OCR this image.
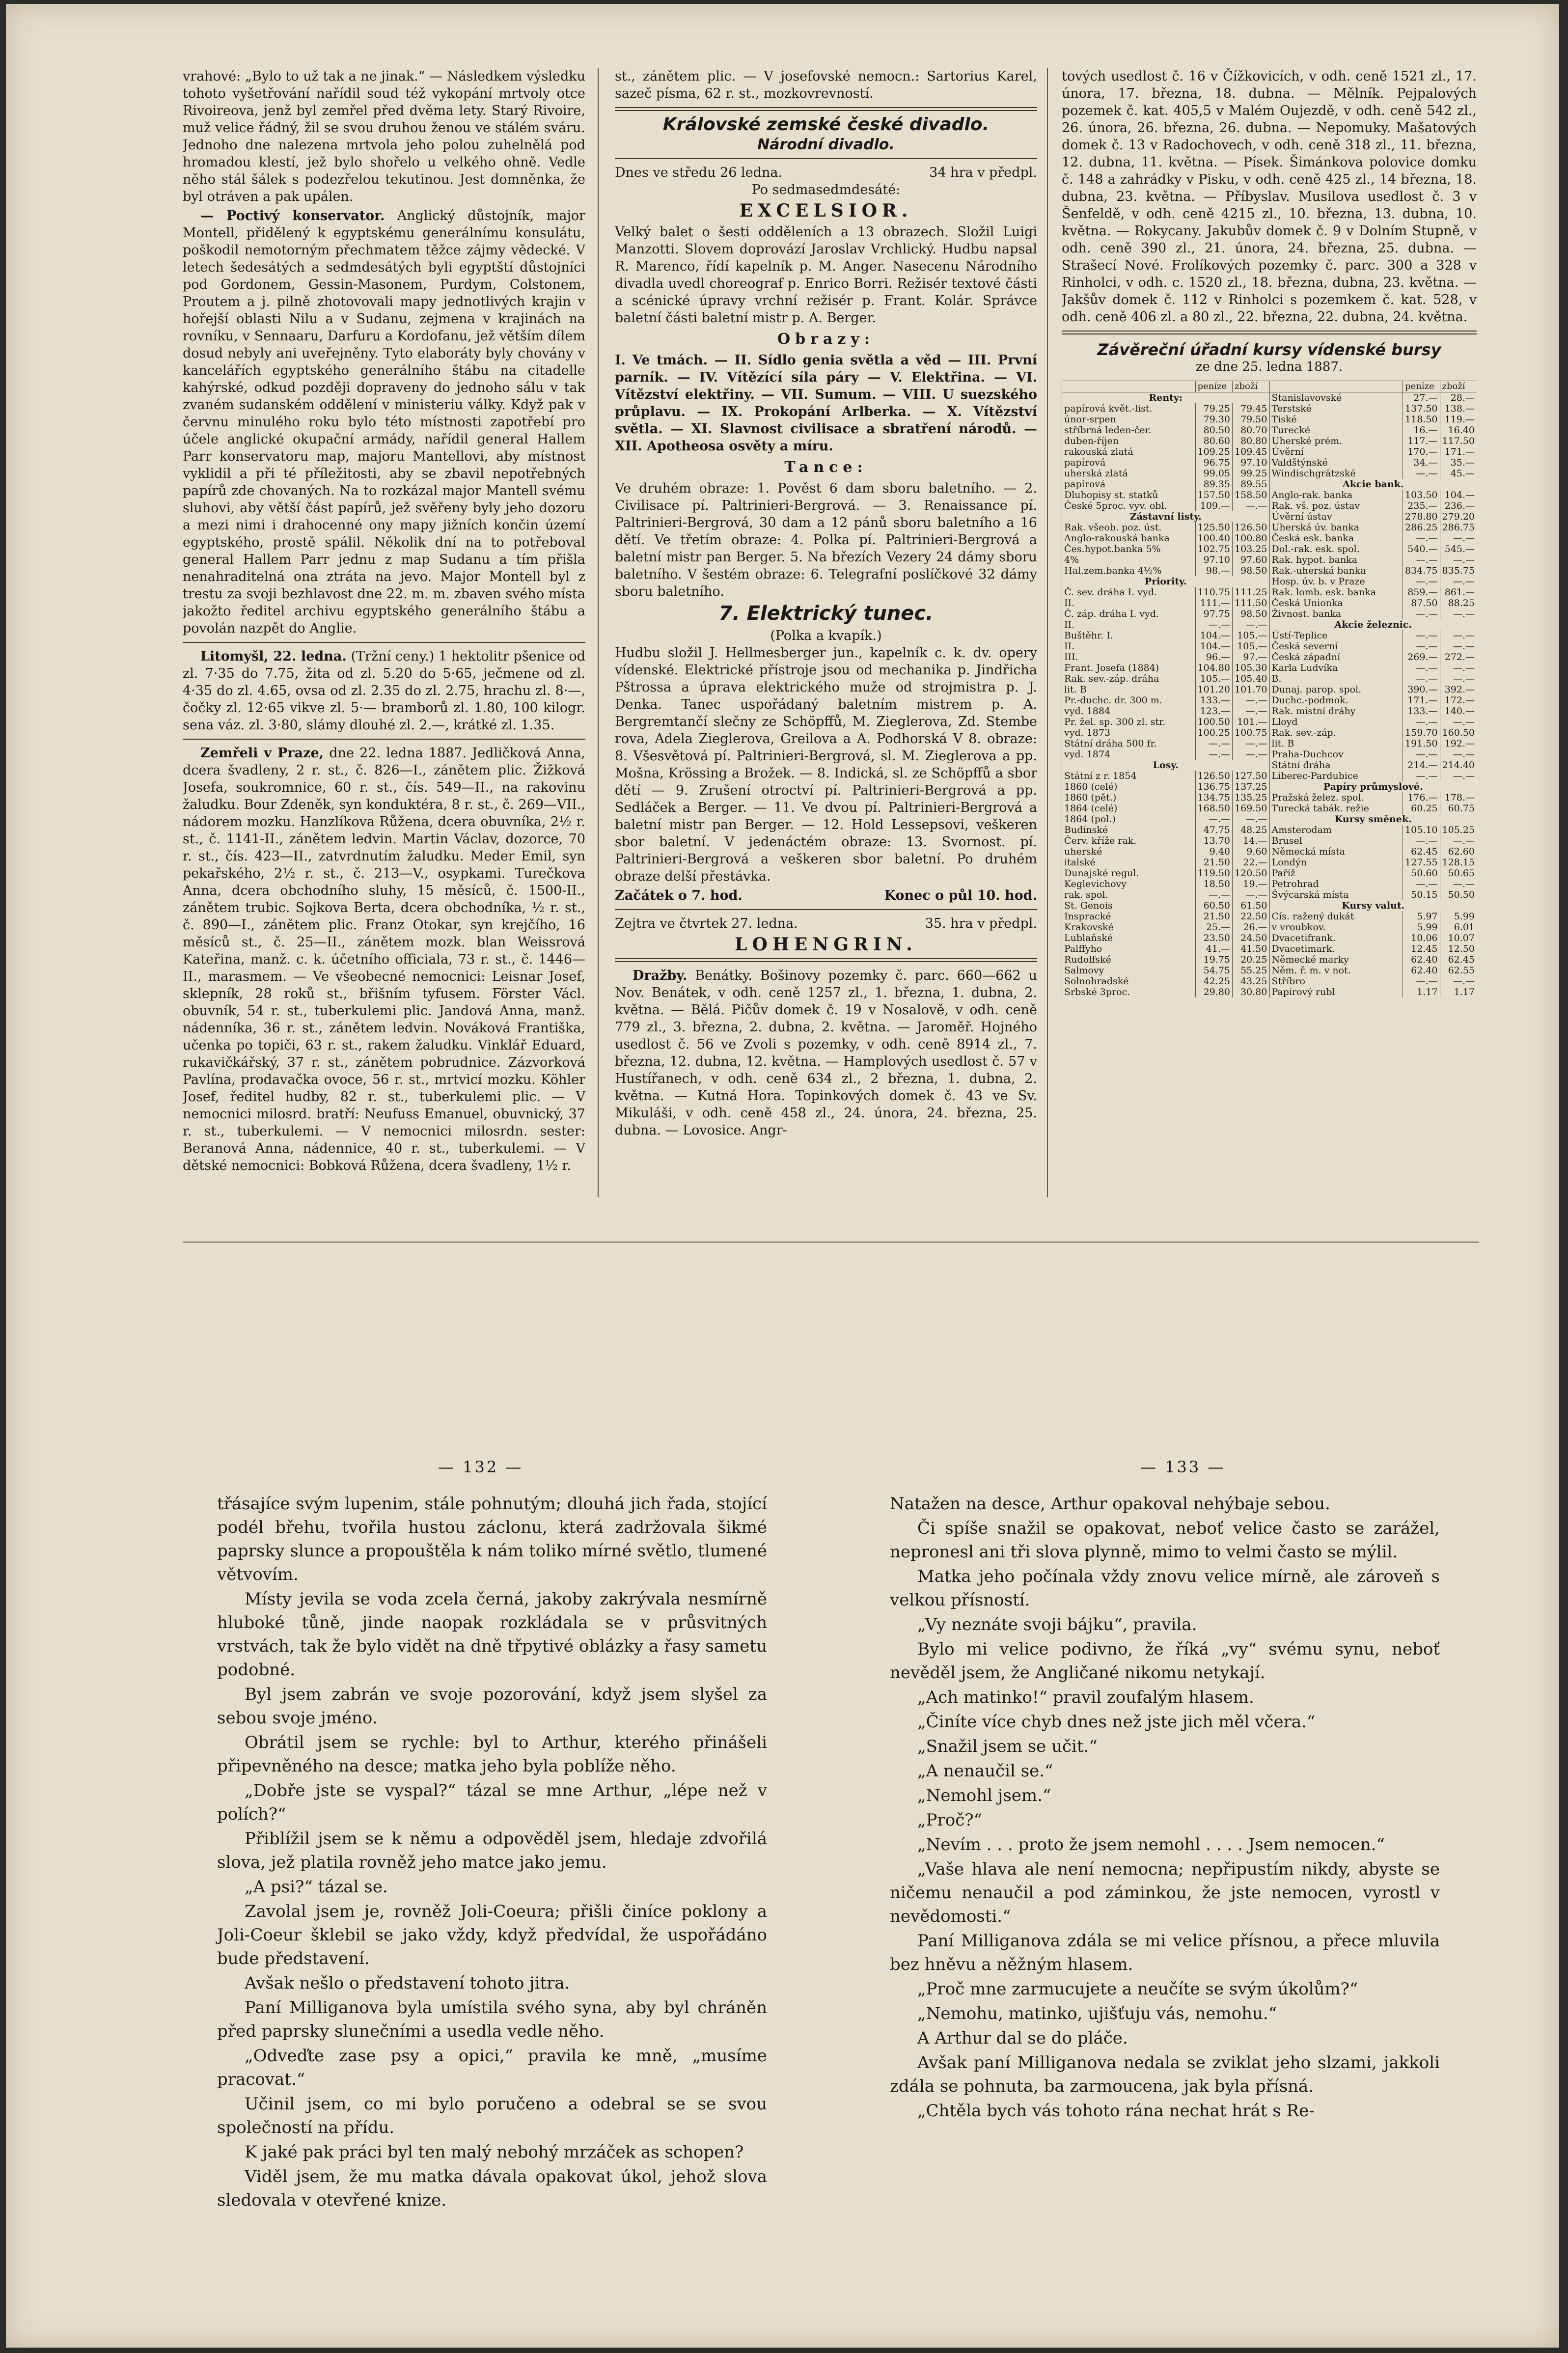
vrahové: „Bylo to už tak a ne jinak.“ — Následkem výsledku tohoto vyšetřování nařídil soud též vykopání mrtvoly otce Rivoireova, jenž byl zemřel před dvěma lety. Starý Rivoire, muž velice řádný, žil se svou druhou ženou ve stálém sváru. Jednoho dne nalezena mrtvola jeho polou zuhelnělá pod hromadou klestí, jež bylo shořelo u velkého ohně. Vedle něho stál šálek s podezřelou tekutinou. Jest domněnka, že byl otráven a pak upálen.

— Poctivý konservator. Anglický důstojník, major Montell, přidělený k egyptskému generálnímu konsulátu, poškodil nemotorným přechmatem těžce zájmy vědecké. V letech šedesátých a sedmdesátých byli egyptští důstojníci pod Gordonem, Gessin-Masonem, Purdym, Colstonem, Proutem a j. pilně zhotovovali mapy jednotlivých krajin v hořejší oblasti Nilu a v Sudanu, zejmena v krajinách na rovníku, v Sennaaru, Darfuru a Kordofanu, jež větším dílem dosud nebyly ani uveřejněny. Tyto elaboráty byly chovány v kancelářích egyptského generálního štábu na citadelle kahýrské, odkud později dopraveny do jednoho sálu v tak zvaném sudanském oddělení v ministeriu války. Když pak v červnu minulého roku bylo této místnosti zapotřebí pro účele anglické okupační armády, nařídil general Hallem Parr konservatoru map, majoru Mantellovi, aby místnost vyklidil a při té příležitosti, aby se zbavil nepotřebných papírů zde chovaných. Na to rozkázal major Mantell svému sluhovi, aby větší část papírů, jež svěřeny byly jeho dozoru a mezi nimi i drahocenné ony mapy jižních končin území egyptského, prostě spálil. Několik dní na to potřeboval general Hallem Parr jednu z map Sudanu a tím přišla nenahraditelná ona ztráta na jevo. Major Montell byl z trestu za svoji bezhlavost dne 22. m. m. zbaven svého místa jakožto ředitel archivu egyptského generálního štábu a povolán nazpět do Anglie.

Litomyšl, 22. ledna. (Tržní ceny.) 1 hektolitr pšenice od zl. 7·35 do 7.75, žita od zl. 5.20 do 5·65, ječmene od zl. 4·35 do zl. 4.65, ovsa od zl. 2.35 do zl. 2.75, hrachu zl. 8·—, čočky zl. 12·65 vikve zl. 5·— bramborů zl. 1.80, 100 kilogr. sena váz. zl. 3·80, slámy dlouhé zl. 2.—, krátké zl. 1.35.

Zemřeli v Praze, dne 22. ledna 1887. Jedličková Anna, dcera švadleny, 2 r. st., č. 826—I., zánětem plic. Žižková Josefa, soukromnice, 60 r. st., čís. 549—II., na rakovinu žaludku. Bour Zdeněk, syn konduktéra, 8 r. st., č. 269—VII., nádorem mozku. Hanzlíkova Růžena, dcera obuvníka, 2½ r. st., č. 1141-II., zánětem ledvin. Martin Václav, dozorce, 70 r. st., čís. 423—II., zatvrdnutím žaludku. Meder Emil, syn pekařského, 2½ r. st., č. 213—V., osypkami. Turečkova Anna, dcera obchodního sluhy, 15 měsíců, č. 1500-II., zánětem trubic. Sojkova Berta, dcera obchodníka, ½ r. st., č. 890—I., zánětem plic. Franz Otokar, syn krejčího, 16 měsíců st., č. 25—II., zánětem mozk. blan Weissrová Kateřina, manž. c. k. účetního officiala, 73 r. st., č. 1446—II., marasmem. — Ve všeobecné nemocnici: Leisnar Josef, sklepník, 28 roků st., břišním tyfusem. Förster Václ. obuvník, 54 r. st., tuberkulemi plic. Jandová Anna, manž. nádenníka, 36 r. st., zánětem ledvin. Nováková Františka, učenka po topiči, 63 r. st., rakem žaludku. Vinklář Eduard, rukavičkářský, 37 r. st., zánětem pobrudnice. Zázvorková Pavlína, prodavačka ovoce, 56 r. st., mrtvicí mozku. Köhler Josef, ředitel hudby, 82 r. st., tuberkulemi plic. — V nemocnici milosrd. bratří: Neufuss Emanuel, obuvnický, 37 r. st., tuberkulemi. — V nemocnici milosrdn. sester: Beranová Anna, nádennice, 40 r. st., tuberkulemi. — V dětské nemocnici: Bobková Růžena, dcera švadleny, 1½ r.

st., zánětem plic. — V josefovské nemocn.: Sartorius Karel, sazeč písma, 62 r. st., mozkovrevností.

Královské zemské české divadlo.
Národní divadlo.
Dnes ve středu 26 ledna.	34 hra v předpl.
Po sedmasedmdesáté:
EXCELSIOR.

Velký balet o šesti odděleních a 13 obrazech. Složil Luigi Manzotti. Slovem doprovází Jaroslav Vrchlický. Hudbu napsal R. Marenco, řídí kapelník p. M. Anger. Nasecenu Národního divadla uvedl choreograf p. Enrico Borri. Režisér textové části a scénické úpravy vrchní režisér p. Frant. Kolár. Správce baletní části baletní mistr p. A. Berger.

Obrazy:

I. Ve tmách. — II. Sídlo genia světla a věd — III. První parník. — IV. Vítězící síla páry — V. Elektřina. — VI. Vítězství elektřiny. — VII. Sumum. — VIII. U suezského průplavu. — IX. Prokopání Arlberka. — X. Vítězství světla. — XI. Slavnost civilisace a sbratření národů. — XII. Apotheosa osvěty a míru.

Tance:

Ve druhém obraze: 1. Pověst 6 dam sboru baletního. — 2. Civilisace pí. Paltrinieri-Bergrová. — 3. Renaissance pí. Paltrinieri-Bergrová, 30 dam a 12 pánů sboru baletního a 16 dětí. Ve třetím obraze: 4. Polka pí. Paltrinieri-Bergrová a baletní mistr pan Berger. 5. Na březích Vezery 24 dámy sboru baletního. V šestém obraze: 6. Telegrafní poslíčkové 32 dámy sboru baletního.

7. Elektrický tunec.
(Polka a kvapík.)

Hudbu složil J. Hellmesberger jun., kapelník c. k. dv. opery vídenské. Elektrické přístroje jsou od mechanika p. Jindřicha Pštrossa a úprava elektrického muže od strojmistra p. J. Denka. Tanec uspořádaný baletním mistrem p. A. Bergremtančí slečny ze Schöpffů, M. Zieglerova, Zd. Stembe rova, Adela Zieglerova, Greilova a A. Podhorská V 8. obraze: 8. Všesvětová pí. Paltrinieri-Bergrová, sl. M. Zieglerova a pp. Mošna, Krössing a Brožek. — 8. Indická, sl. ze Schöpffů a sbor dětí — 9. Zrušení otroctví pí. Paltrinieri-Bergrová a pp. Sedláček a Berger. — 11. Ve dvou pí. Paltrinieri-Bergrová a baletní mistr pan Berger. — 12. Hold Lessepsovi, veškeren sbor baletní. V jedenáctém obraze: 13. Svornost. pí. Paltrinieri-Bergrová a veškeren sbor baletní. Po druhém obraze delší přestávka.

Začátek o 7. hod.	Konec o půl 10. hod.
Zejtra ve čtvrtek 27. ledna.	35. hra v předpl.
LOHENGRIN.

Dražby. Benátky. Bošinovy pozemky č. parc. 660—662 u Nov. Benátek, v odh. ceně 1257 zl., 1. března, 1. dubna, 2. května. — Bělá. Pičův domek č. 19 v Nosalově, v odh. ceně 779 zl., 3. března, 2. dubna, 2. května. — Jaroměř. Hojného usedlost č. 56 ve Zvoli s pozemky, v odh. ceně 8914 zl., 7. března, 12. dubna, 12. května. — Hamplových usedlost č. 57 v Hustířanech, v odh. ceně 634 zl., 2 března, 1. dubna, 2. května. — Kutná Hora. Topinkových domek č. 43 ve Sv. Mikuláši, v odh. ceně 458 zl., 24. února, 24. března, 25. dubna. — Lovosice. Angr-

tových usedlost č. 16 v Čížkovicích, v odh. ceně 1521 zl., 17. února, 17. března, 18. dubna. — Mělník. Pejpalových pozemek č. kat. 405,5 v Malém Oujezdě, v odh. ceně 542 zl., 26. února, 26. března, 26. dubna. — Nepomuky. Mašatových domek č. 13 v Radochovech, v odh. ceně 318 zl., 11. března, 12. dubna, 11. května. — Písek. Šimánkova polovice domku č. 148 a zahrádky v Pisku, v odh. ceně 425 zl., 14 března, 18. dubna, 23. května. — Příbyslav. Musilova usedlost č. 3 v Šenfeldě, v odh. ceně 4215 zl., 10. března, 13. dubna, 10. května. — Rokycany. Jakubův domek č. 9 v Dolním Stupně, v odh. ceně 390 zl., 21. února, 24. března, 25. dubna. — Strašecí Nové. Frolíkových pozemky č. parc. 300 a 328 v Rinholci, v odh. c. 1520 zl., 18. března, dubna, 23. května. — Jakšův domek č. 112 v Rinholci s pozemkem č. kat. 528, v odh. ceně 406 zl. a 80 zl., 22. března, 22. dubna, 24. května.

Závěreční úřadní kursy vídenské bursy
ze dne 25. ledna 1887.
	peníze	zboží
Renty:		
papírová květ.-list.	79.25	79.45
únor-srpen	79.30	79.50
stříbrná leden-čer.	80.50	80.70
duben-říjen	80.60	80.80
rakouská zlatá	109.25	109.45
papírová	96.75	97.10
uherská zlatá	99.05	99.25
papírová	89.35	89.55
Dluhopisy st. statků	157.50	158.50
České 5proc. vyv. obl.	109.—	—.—
Zástavní listy.		
Rak. všeob. poz. úst.	125.50	126.50
Anglo-rakouská banka	100.40	100.80
Čes.hypot.banka 5%	102.75	103.25
4%	97.10	97.60
Hal.zem.banka 4½%	98.—	98.50
Priority.		
Č. sev. dráha I. vyd.	110.75	111.25
II.	111.—	111.50
Č. záp. dráha I. vyd.	97.75	98.50
II.	—.—	—.—
Buštěhr. I.	104.—	105.—
II.	104.—	105.—
III.	96.—	97.—
Frant. Josefa (1884)	104.80	105.30
Rak. sev.-záp. dráha	105.—	105.40
lit. B	101.20	101.70
Pr.-duchc. dr. 300 m.	133.—	—.—
vyd. 1884	123.—	—.—
Pr. žel. sp. 300 zl. str.	100.50	101.—
vyd. 1873	100.25	100.75
Státní dráha 500 fr.	—.—	—.—
vyd. 1874	—.—	—.—
Losy.		
Státní z r. 1854	126.50	127.50
1860 (celé)	136.75	137.25
1860 (pět.)	134.75	135.25
1864 (celé)	168.50	169.50
1864 (pol.)	—.—	—.—
Budínské	47.75	48.25
Červ. kříže rak.	13.70	14.—
uherské	9.40	9.60
italské	21.50	22.—
Dunajské regul.	119.50	120.50
Keglevichovy	18.50	19.—
rak. spol.	—.—	—.—
St. Genois	60.50	61.50
Inspracké	21.50	22.50
Krakovské	25.—	26.—
Lublaňské	23.50	24.50
Palffyho	41.—	41.50
Rudolfské	19.75	20.25
Salmovy	54.75	55.25
Solnohradské	42.25	43.25
Srbské 3proc.	29.80	30.80
	peníze	zboží
Stanislavovské	27.—	28.—
Terstské	137.50	138.—
Tiské	118.50	119.—
Turecké	16.—	16.40
Uherské prém.	117.—	117.50
Úvěrní	170.—	171.—
Valdštýnské	34.—	35.—
Windischgrätzské	—.—	45.—
Akcie bank.		
Anglo-rak. banka	103.50	104.—
Rak. vš. poz. ústav	235.—	236.—
Úvěrní ústav	278.80	279.20
Uherská úv. banka	286.25	286.75
Česká esk. banka	—.—	—.—
Dol.-rak. esk. spol.	540.—	545.—
Rak. hypot. banka	—.—	—.—
Rak.-uherská banka	834.75	835.75
Hosp. úv. b. v Praze	—.—	—.—
Rak. lomb. esk. banka	859.—	861.—
Česká Unionka	87.50	88.25
Živnost. banka	—.—	—.—
Akcie železnic.		
Ústí-Teplice	—.—	—.—
Česká severní	—.—	—.—
Česká západní	269.—	272.—
Karla Ludvíka	—.—	—.—
B.	—.—	—.—
Dunaj. parop. spol.	390.—	392.—
Duchc.-podmok.	171.—	172.—
Rak. místní dráhy	133.—	140.—
Lloyd	—.—	—.—
Rak. sev.-záp.	159.70	160.50
lit. B	191.50	192.—
Praha-Duchcov	—.—	—.—
Státní dráha	214.—	214.40
Liberec-Pardubice	—.—	—.—
Papíry průmyslové.		
Pražská želez. spol.	176.—	178.—
Turecká tabák. režie	60.25	60.75
Kursy směnek.		
Amsterodam	105.10	105.25
Brusel	—.—	—.—
Německá místa	62.45	62.60
Londýn	127.55	128.15
Paříž	50.60	50.65
Petrohrad	—.—	—.—
Švýcarská místa	50.15	50.50
Kursy valut.		
Cís. ražený dukát	5.97	5.99
v vroubkov.	5.99	6.01
Dvacetifrank.	10.06	10.07
Dvacetimark.	12.45	12.50
Německé marky	62.40	62.45
Něm. ř. m. v not.	62.40	62.55
Stříbro	—.—	—.—
Papírový rubl	1.17	1.17
— 132 —	— 133 —

třásajíce svým lupenim, stále pohnutým; dlouhá jich řada, stojící podél břehu, tvořila hustou záclonu, která zadržovala šikmé paprsky slunce a propouštěla k nám toliko mírné světlo, tlumené větvovím.

Místy jevila se voda zcela černá, jakoby zakrývala nesmírně hluboké tůně, jinde naopak rozkládala se v průsvitných vrstvách, tak že bylo vidět na dně třpytivé oblázky a řasy sametu podobné.

Byl jsem zabrán ve svoje pozorování, když jsem slyšel za sebou svoje jméno.

Obrátil jsem se rychle: byl to Arthur, kterého přinášeli připevněného na desce; matka jeho byla poblíže něho.

„Dobře jste se vyspal?“ tázal se mne Arthur, „lépe než v polích?“

Přiblížil jsem se k němu a odpověděl jsem, hledaje zdvořilá slova, jež platila rovněž jeho matce jako jemu.

„A psi?“ tázal se.

Zavolal jsem je, rovněž Joli-Coeura; přišli činíce poklony a Joli-Coeur šklebil se jako vždy, když předvídal, že uspořádáno bude představení.

Avšak nešlo o představení tohoto jitra.

Paní Milliganova byla umístila svého syna, aby byl chráněn před paprsky slunečními a usedla vedle něho.

„Odveďte zase psy a opici,“ pravila ke mně, „musíme pracovat.“

Učinil jsem, co mi bylo poručeno a odebral se se svou společností na přídu.

K jaké pak práci byl ten malý nebohý mrzáček as schopen?

Viděl jsem, že mu matka dávala opakovat úkol, jehož slova sledovala v otevřené knize.

Natažen na desce, Arthur opakoval nehýbaje sebou.

Či spíše snažil se opakovat, neboť velice často se zarážel, nepronesl ani tři slova plynně, mimo to velmi často se mýlil.

Matka jeho počínala vždy znovu velice mírně, ale zároveň s velkou přísností.

„Vy neznáte svoji bájku“, pravila.

Bylo mi velice podivno, že říká „vy“ svému synu, neboť nevěděl jsem, že Angličané nikomu netykají.

„Ach matinko!“ pravil zoufalým hlasem.

„Činíte více chyb dnes než jste jich měl včera.“

„Snažil jsem se učit.“

„A nenaučil se.“

„Nemohl jsem.“

„Proč?“

„Nevím . . . proto že jsem nemohl . . . . Jsem nemocen.“

„Vaše hlava ale není nemocna; nepřipustím nikdy, abyste se ničemu nenaučil a pod záminkou, že jste nemocen, vyrostl v nevědomosti.“

Paní Milliganova zdála se mi velice přísnou, a přece mluvila bez hněvu a něžným hlasem.

„Proč mne zarmucujete a neučíte se svým úkolům?“

„Nemohu, matinko, ujišťuju vás, nemohu.“

A Arthur dal se do pláče.

Avšak paní Milliganova nedala se zviklat jeho slzami, jakkoli zdála se pohnuta, ba zarmoucena, jak byla přísná.

„Chtěla bych vás tohoto rána nechat hrát s Re-
